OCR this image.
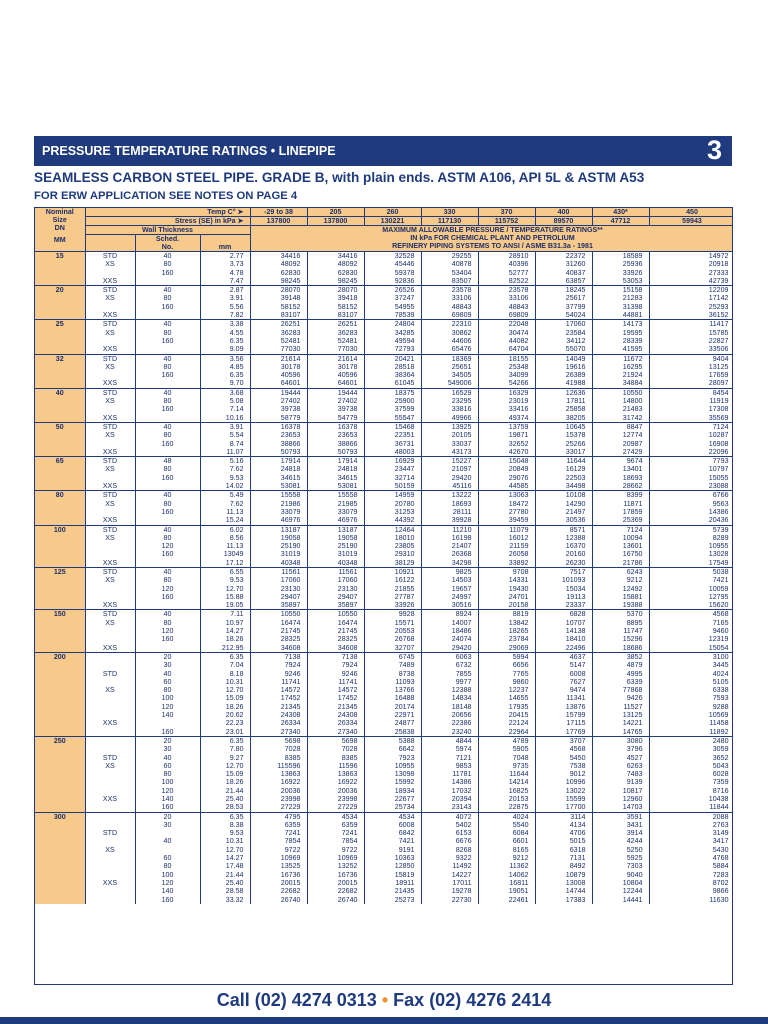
PRESSURE TEMPERATURE RATINGS • LINEPIPE	3
SEAMLESS CARBON STEEL PIPE. GRADE B, with plain ends. ASTM A106, API 5L & ASTM A53
FOR ERW APPLICATION SEE NOTES ON PAGE 4
Nominal
Size
DN
MM	Temp C° ➤			-29 to 38	205	260	330	370	400	430*	450
	Stress (SE) in kPa ➤			137800	137800	130221	117130	115752	89570	47712	59943
	Wall Thickness			MAXIMUM ALLOWABLE PRESSURE / TEMPERATURE RATINGS**
IN kPa FOR CHEMICAL PLANT AND PETROLIUM
REFINERY PIPING SYSTEMS TO ANSI / ASME B31.3a - 1981							

		Sched.	mm								
		No.									

15	STD	40	2.77	34416	34416	32528	29255	28910	22372	18589	14972
	XS	80	3.73	48092	48092	45446	40878	40396	31260	25936	20918
		160	4.78	62830	62830	59378	53404	52777	40837	33926	27333
	XXS		7.47	98245	98245	92836	83507	82522	63857	53053	42739
20	STD	40	2.87	28070	28070	26526	23578	23578	18245	15158	12209
	XS	80	3.91	39148	39418	37247	33106	33106	25617	21283	17142
		160	5.56	58152	58152	54955	48843	48843	37799	31398	25293
	XXS		7.82	83107	83107	78539	69809	69809	54024	44881	36152
25	STD	40	3.38	26251	26251	24804	22310	22048	17060	14173	11417
	XS	80	4.55	36283	36283	34285	30862	30474	23584	19595	15785
		160	6.35	52481	52481	49594	44606	44082	34112	28339	22827
	XXS		9.09	77030	77030	72793	65476	64704	55070	41595	33506
32	STD	40	3.56	21614	21614	20421	18369	18155	14049	11672	9404
	XS	80	4.85	30178	30178	28518	25651	25348	19616	16295	13125
		160	6.35	40596	40596	38364	34505	34099	26389	21924	17659
	XXS		9.70	64601	64601	61045	549006	54266	41988	34884	28097
40	STD	40	3.68	19444	19444	18375	16529	16329	12636	10550	8454
	XS	80	5.08	27402	27402	25900	23295	23019	17811	14800	11919
		160	7.14	39738	39738	37599	33816	33416	25858	21483	17308
	XXS		10.16	58779	54779	55547	49966	49374	38205	31742	35569
50	STD	40	3.91	16378	16378	15468	13925	13759	10645	8847	7124
	XS	80	5.54	23653	23653	22351	20105	19871	15378	12774	10287
		160	8.74	38866	38866	36731	33037	32652	25266	20987	16908
	XXS		11.07	50793	50793	48003	43173	42670	33017	27429	22096
65	STD	48	5.16	17914	17914	16929	15227	15048	11644	9674	7793
	XS	80	7.62	24818	24818	23447	21097	20849	16129	13401	10797
		160	9.53	34615	34615	32714	29420	29076	22503	18693	15055
	XXS		14.02	53081	53081	50159	45116	44585	34498	28662	23088
80	STD	40	5.49	15558	15558	14959	13222	13063	10108	8399	6766
	XS	80	7.62	21986	21985	20780	18693	18472	14290	11871	9563
		160	11.13	33079	33079	31253	28111	27780	21497	17859	14386
	XXS		15.24	46976	46976	44392	39928	39459	30536	25369	20436
100	STD	40	6.02	13187	13187	12464	11210	11079	8571	7124	5739
	XS	80	8.56	19058	19058	18010	16198	16012	12388	10094	8289
		120	11.13	25190	25190	23805	21407	21159	16370	13601	10955
		160	13049	31019	31019	29310	26368	26058	20160	16750	13028
	XXS		17.12	40348	40348	38129	34298	33892	26230	21786	17549
125	STD	40	6.55	11561	11561	10921	9825	9708	7517	6243	5038
	XS	80	9.53	17060	17060	16122	14503	14331	101093	9212	7421
		120	12.70	23130	23130	21855	19657	19430	15034	12492	10059
		160	15.88	29407	29407	27787	24997	24701	19113	15881	12795
	XXS		19.05	35897	35897	33926	30516	20158	23337	19388	15620
150	STD	40	7.11	10550	10550	9928	8924	8819	6828	5370	4568
	XS	80	10.97	16474	16474	15571	14007	13842	10707	8895	7165
		120	14.27	21745	21745	20553	18486	18265	14138	11747	9460
		160	18.26	28325	28325	26768	24074	23784	18410	15296	12319
	XXS		212.95	34608	34608	32707	29420	29069	22496	18686	15054
200		20	6.35	7138	7138	6745	6063	5994	4637	3852	3100
		30	7.04	7924	7924	7489	6732	6656	5147	4879	3445
	STD	40	8.18	9246	9246	8738	7855	7765	6008	4995	4024
		60	10.31	11741	11741	11093	9977	9860	7627	6339	5105
	XS	80	12.70	14572	14572	13766	12388	12237	9474	77868	6338
		100	15.09	17452	17452	16488	14834	14655	11341	9426	7593
		120	18.26	21345	21345	20174	18148	17935	13876	11527	9288
		140	20.62	24308	24308	22971	20656	20415	15799	13125	10569
	XXS		22.23	26334	26334	24877	22386	22124	17115	14221	11458
		160	23.01	27340	27340	25838	23240	22964	17769	14765	11892
250		20	6.35	5698	5698	5388	4844	4789	3707	3080	2480
		30	7.80	7028	7028	6642	5974	5905	4568	3796	3059
	STD	40	9.27	8385	8385	7923	7121	7048	5450	4527	3652
	XS	60	12.70	115596	11596	10955	9853	9735	7538	6263	5043
		80	15.09	13863	13863	13098	11781	11644	9012	7483	6028
		100	18.26	16922	16922	15992	14386	14214	10996	9139	7359
		120	21.44	20036	20036	18934	17032	16825	13022	10817	8716
	XXS	140	25.40	23998	23998	22677	20394	20153	15599	12960	10438
		160	28.53	27229	27229	25734	23143	22875	17700	14703	11844
300		20	6.35	4795	4534	4534	4072	4024	3114	3591	2088
		30	8.38	6359	6359	6008	5402	5540	4134	3431	2763
	STD		9.53	7241	7241	6842	6153	6084	4706	3914	3149
		40	10.31	7854	7854	7421	6676	6601	5015	4244	3417
	XS		12.70	9722	9722	9191	8268	8165	6318	5250	5430
		60	14.27	10969	10969	10363	9322	9212	7131	5925	4768
		80	17.48	13525	13252	12850	11492	11362	8492	7303	5884
		100	21.44	16736	16736	15819	14227	14062	10879	9040	7283
	XXS	120	25.40	20015	20015	18911	17011	16811	13008	10804	8702
		140	28.58	22682	22682	21435	19278	19051	14744	12244	9866
		160	33.32	26740	26740	25273	22730	22461	17383	14441	11630
Call (02) 4274 0313 • Fax (02) 4276 2414
